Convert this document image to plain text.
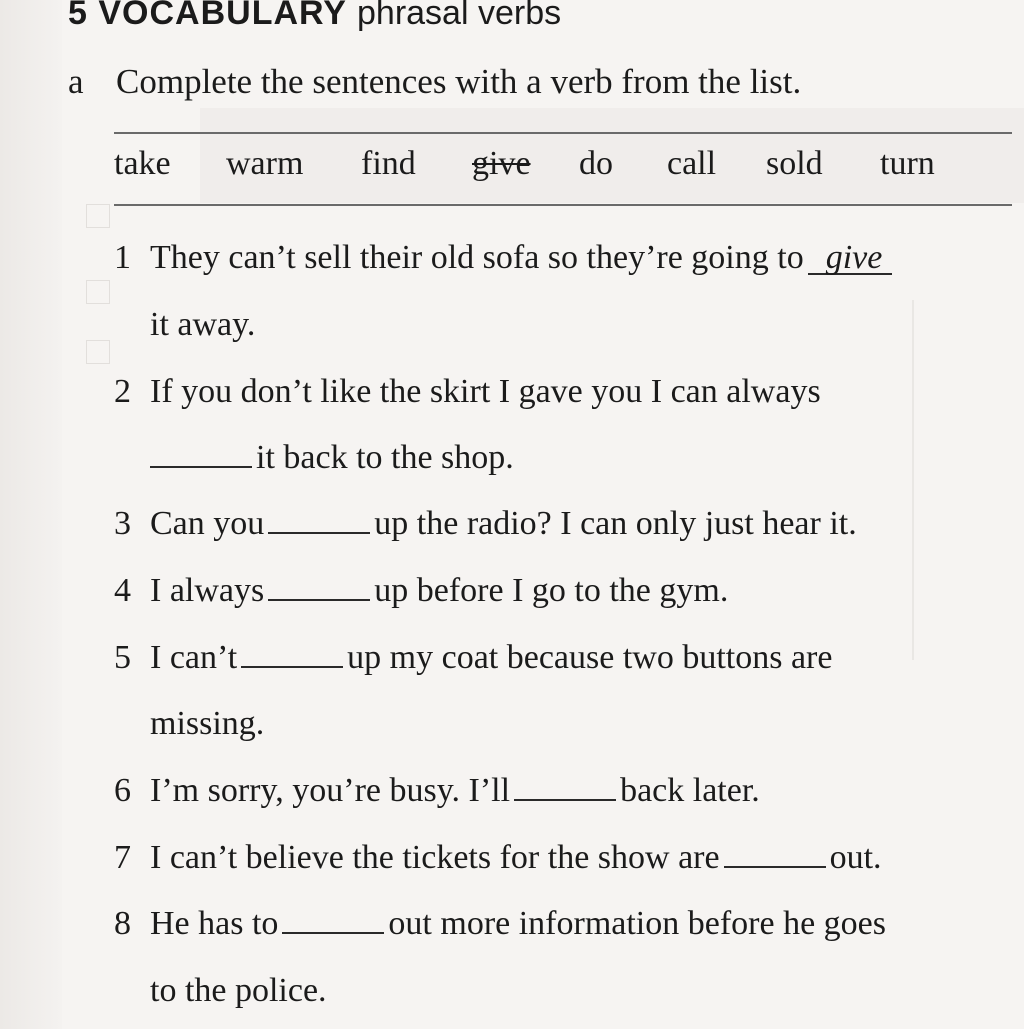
5 VOCABULARY phrasal verbs
a Complete the sentences with a verb from the list.
take warm find give do call sold turn
1 They can’t sell their old sofa so they’re going to give
it away.
2 If you don’t like the skirt I gave you I can always
it back to the shop.
3 Can you	up the radio? I can only just hear it.
4 I always	up before I go to the gym.
5 I can’t	up my coat because two buttons are
missing.
6 I’m sorry, you’re busy. I’ll	back later.
7 I can’t believe the tickets for the show are	out.
8 He has to	out more information before he goes
to the police.
